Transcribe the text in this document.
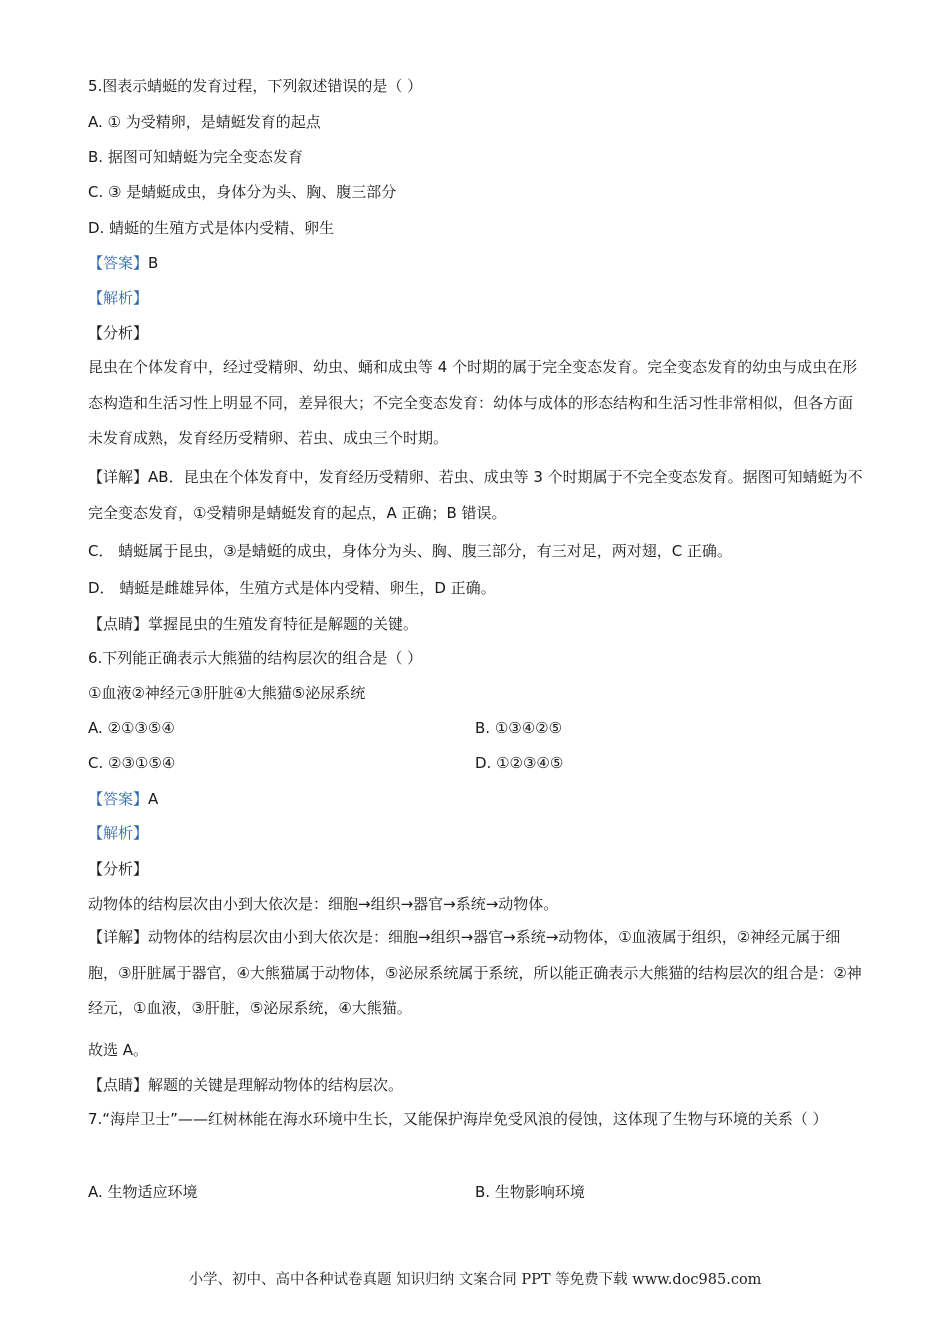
5.图表示蜻蜓的发育过程，下列叙述错误的是（ ）
A. ① 为受精卵，是蜻蜓发育的起点
B. 据图可知蜻蜓为完全变态发育
C. ③ 是蜻蜓成虫，身体分为头、胸、腹三部分
D. 蜻蜓的生殖方式是体内受精、卵生
【答案】B
【解析】
【分析】
昆虫在个体发育中，经过受精卵、幼虫、蛹和成虫等 4 个时期的属于完全变态发育。完全变态发育的幼虫与成虫在形态构造和生活习性上明显不同，差异很大；不完全变态发育：幼体与成体的形态结构和生活习性非常相似，但各方面未发育成熟，发育经历受精卵、若虫、成虫三个时期。
【详解】AB．昆虫在个体发育中，发育经历受精卵、若虫、成虫等 3 个时期属于不完全变态发育。据图可知蜻蜓为不完全变态发育，①受精卵是蜻蜓发育的起点，A 正确；B 错误。
C． 蜻蜓属于昆虫，③是蜻蜓的成虫，身体分为头、胸、腹三部分，有三对足，两对翅，C 正确。
D． 蜻蜓是雌雄异体，生殖方式是体内受精、卵生，D 正确。
【点睛】掌握昆虫的生殖发育特征是解题的关键。
6.下列能正确表示大熊猫的结构层次的组合是（ ）
①血液②神经元③肝脏④大熊猫⑤泌尿系统
A. ②①③⑤④	B. ①③④②⑤
C. ②③①⑤④	D. ①②③④⑤
【答案】A
【解析】
【分析】
动物体的结构层次由小到大依次是：细胞→组织→器官→系统→动物体。
【详解】动物体的结构层次由小到大依次是：细胞→组织→器官→系统→动物体，①血液属于组织，②神经元属于细胞，③肝脏属于器官，④大熊猫属于动物体，⑤泌尿系统属于系统，所以能正确表示大熊猫的结构层次的组合是：②神经元，①血液，③肝脏，⑤泌尿系统，④大熊猫。
故选 A。
【点睛】解题的关键是理解动物体的结构层次。
7.“海岸卫士”——红树林能在海水环境中生长，又能保护海岸免受风浪的侵蚀，这体现了生物与环境的关系（ ）
A. 生物适应环境	B. 生物影响环境
小学、初中、高中各种试卷真题 知识归纳 文案合同 PPT 等免费下载 www.doc985.com
